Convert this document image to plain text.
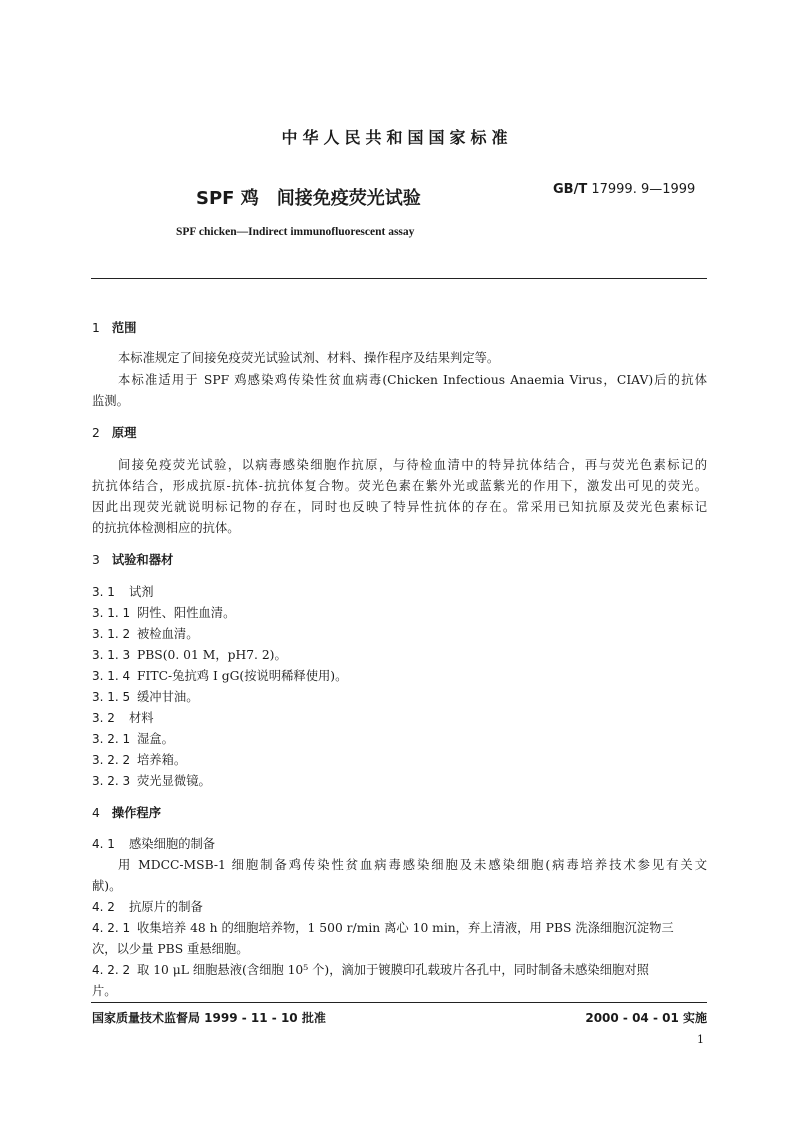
中华人民共和国国家标准
SPF 鸡　间接免疫荧光试验	GB/T 17999. 9—1999
SPF chicken—Indirect immunofluorescent assay
1 范围
本标准规定了间接免疫荧光试验试剂、材料、操作程序及结果判定等。
本标准适用于 SPF 鸡感染鸡传染性贫血病毒(Chicken Infectious Anaemia Virus，CIAV)后的抗体
监测。
2 原理
间接免疫荧光试验，以病毒感染细胞作抗原，与待检血清中的特异抗体结合，再与荧光色素标记的
抗抗体结合，形成抗原-抗体-抗抗体复合物。荧光色素在紫外光或蓝紫光的作用下，激发出可见的荧光。
因此出现荧光就说明标记物的存在，同时也反映了特异性抗体的存在。常采用已知抗原及荧光色素标记
的抗抗体检测相应的抗体。
3 试验和器材
3. 1 试剂
3. 1. 1 阴性、阳性血清。
3. 1. 2 被检血清。
3. 1. 3 PBS(0. 01 M，pH7. 2)。
3. 1. 4 FITC-兔抗鸡 I gG(按说明稀释使用)。
3. 1. 5 缓冲甘油。
3. 2 材料
3. 2. 1 湿盒。
3. 2. 2 培养箱。
3. 2. 3 荧光显微镜。
4 操作程序
4. 1 感染细胞的制备
用 MDCC-MSB-1 细胞制备鸡传染性贫血病毒感染细胞及未感染细胞(病毒培养技术参见有关文
献)。
4. 2 抗原片的制备
4. 2. 1 收集培养 48 h 的细胞培养物，1 500 r/min 离心 10 min，弃上清液，用 PBS 洗涤细胞沉淀物三
次，以少量 PBS 重悬细胞。
4. 2. 2 取 10 μL 细胞悬液(含细胞 10⁵ 个)，滴加于镀膜印孔载玻片各孔中，同时制备未感染细胞对照
片。
国家质量技术监督局 1999 - 11 - 10 批准	2000 - 04 - 01 实施
1
